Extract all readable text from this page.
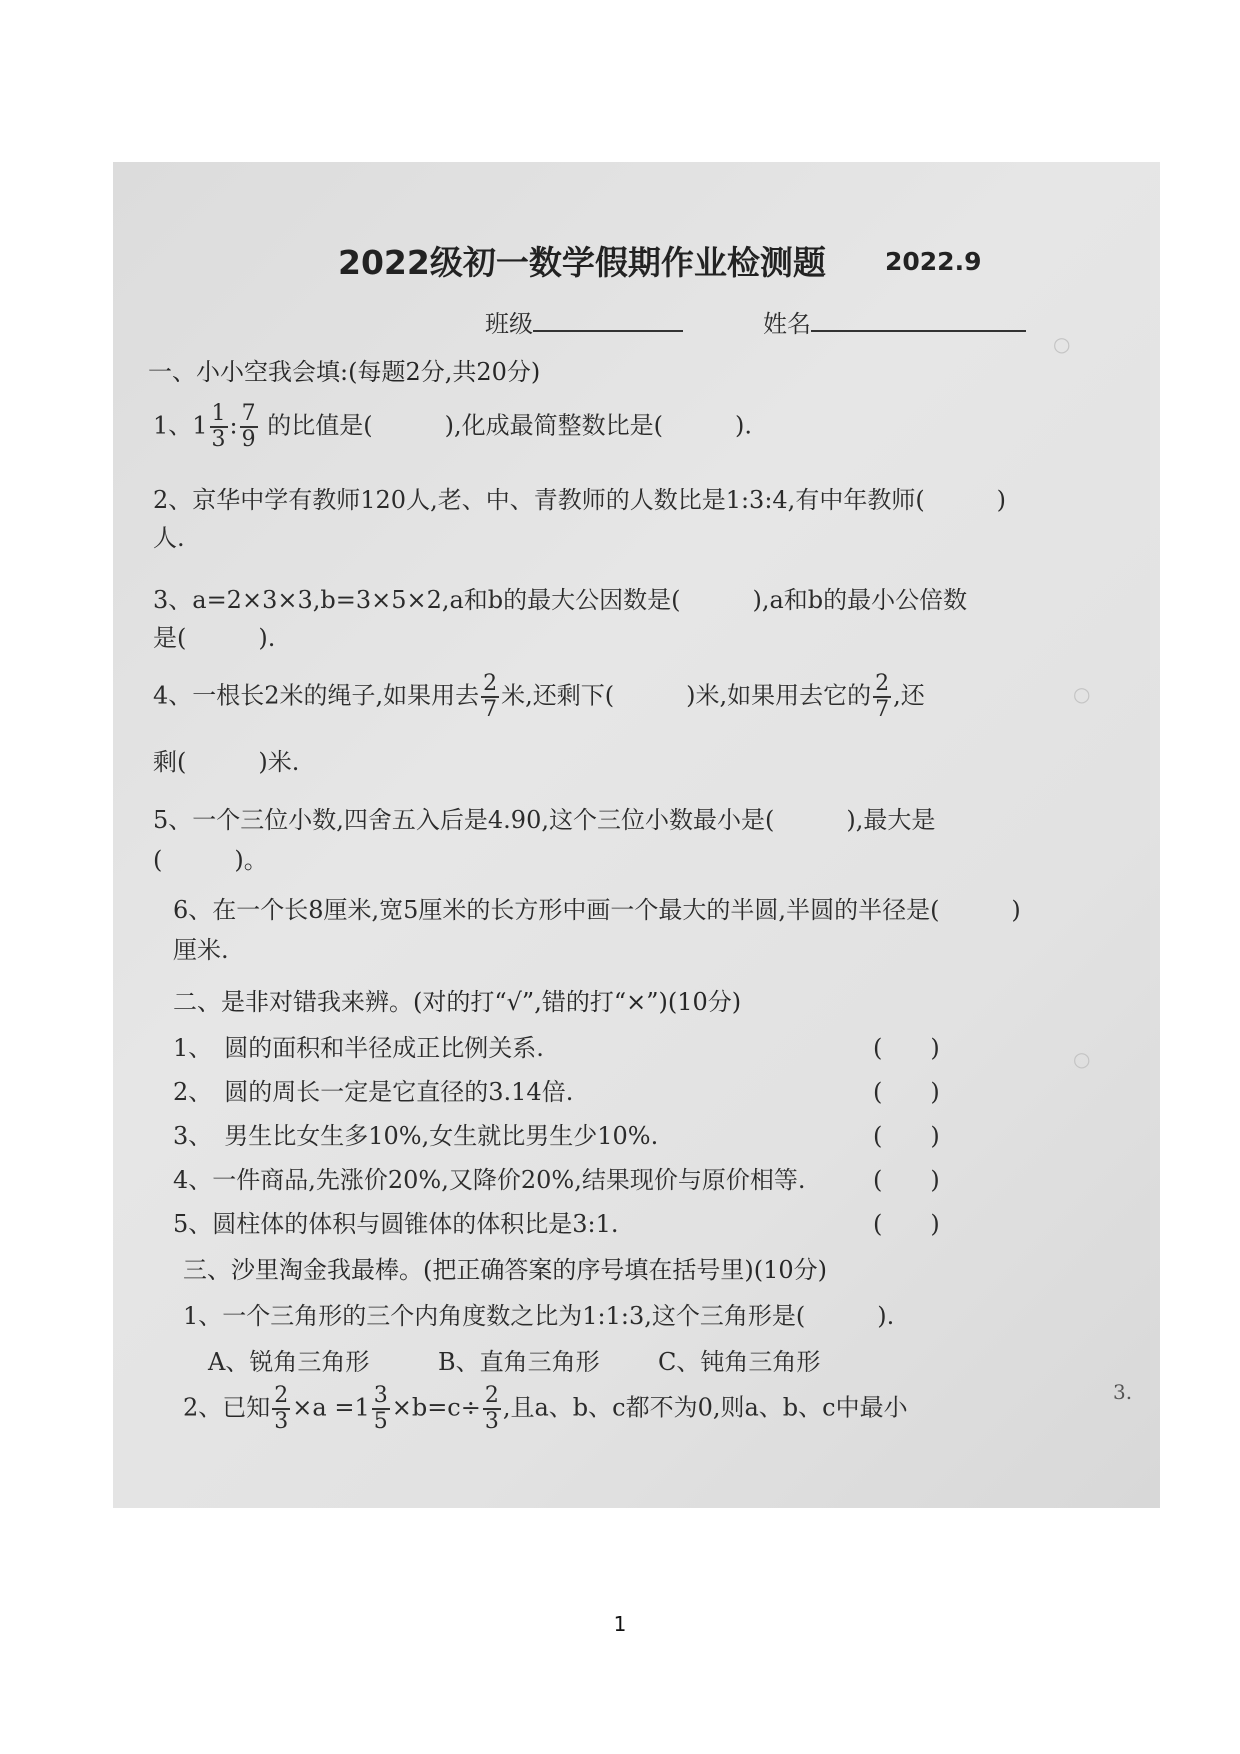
○
○
○
2022级初一数学假期作业检测题 2022.9
班级	姓名
一、小小空我会填:(每题2分,共20分)
1、$1 \frac{1}{3}$ : $\frac{7}{9}$ 的比值是(　　　),化成最简整数比是(　　　).
2、京华中学有教师120人,老、中、青教师的人数比是1:3:4,有中年教师(　　　)
人.
3、a=2×3×3,b=3×5×2,a和b的最大公因数是(　　　),a和b的最小公倍数
是(　　　).
4、一根长2米的绳子,如果用去 $\frac{2}{7}$ 米,还剩下(　　　)米,如果用去它的 $\frac{2}{7}$ ,还
剩(　　　)米.
5、一个三位小数,四舍五入后是4.90,这个三位小数最小是(　　　),最大是
(　　　)。
6、在一个长8厘米,宽5厘米的长方形中画一个最大的半圆,半圆的半径是(　　　)
厘米.
二、是非对错我来辨。(对的打“√”,错的打“×”)(10分)
1、　圆的面积和半径成正比例关系.	(　　)
2、　圆的周长一定是它直径的3.14倍.	(　　)
3、　男生比女生多10%,女生就比男生少10%.	(　　)
4、一件商品,先涨价20%,又降价20%,结果现价与原价相等.	(　　)
5、圆柱体的体积与圆锥体的体积比是3:1.	(　　)
三、沙里淘金我最棒。(把正确答案的序号填在括号里)(10分)
1、一个三角形的三个内角度数之比为1:1:3,这个三角形是(　　　).
A、锐角三角形	B、直角三角形 C、钝角三角形
2、已知 $\frac{2}{3} \times a =1 \frac{3}{5} \times b=c\div \frac{2}{3}$ ,且a、b、c都不为0,则a、b、c中最小
3.
1
